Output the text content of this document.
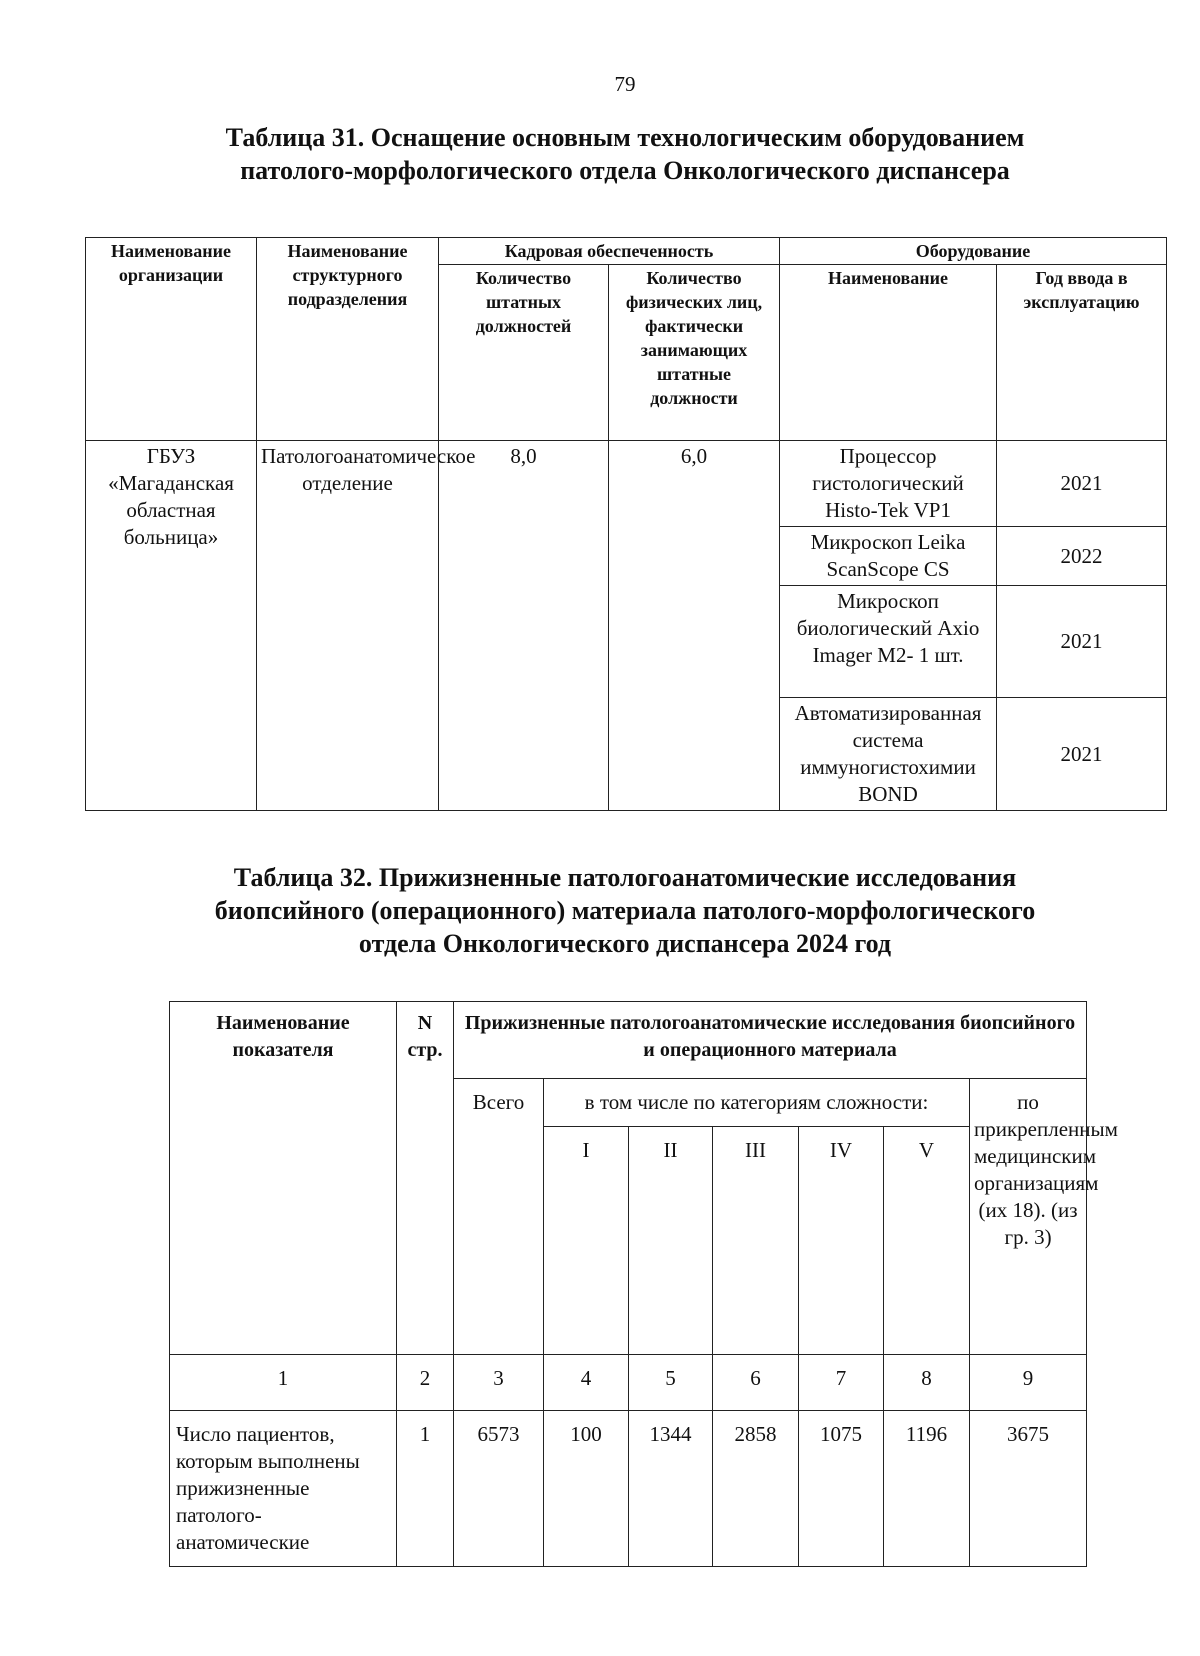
79
Таблица 31. Оснащение основным технологическим оборудованием
патолого-морфологического отдела Онкологического диспансера
Наименование организации	Наименование структурного подразделения	Кадровая обеспеченность		Оборудование	
		Количество штатных должностей	Количество физических лиц, фактически занимающих штатные должности	Наименование	Год ввода в эксплуатацию
ГБУЗ «Магаданская областная больница»	Патологоанатомическое отделение	8,0	6,0	Процессор гистологический Histo-Tek VP1	2021
				Микроскоп Leika ScanScope CS	2022
				Микроскоп биологический Axio Imager M2- 1 шт.	2021
				Автоматизированная система иммуногистохимии BOND	2021
Таблица 32. Прижизненные патологоанатомические исследования
биопсийного (операционного) материала патолого-морфологического
отдела Онкологического диспансера 2024 год
Наименование показателя	N стр.	Прижизненные патологоанатомические исследования биопсийного и операционного материала						
		Всего	в том числе по категориям сложности:					по прикрепленным медицинским организациям (их 18). (из гр. 3)
			I	II	III	IV	V	
1	2	3	4	5	6	7	8	9
Число пациентов, которым выполнены прижизненные патолого-анатомические	1	6573	100	1344	2858	1075	1196	3675
